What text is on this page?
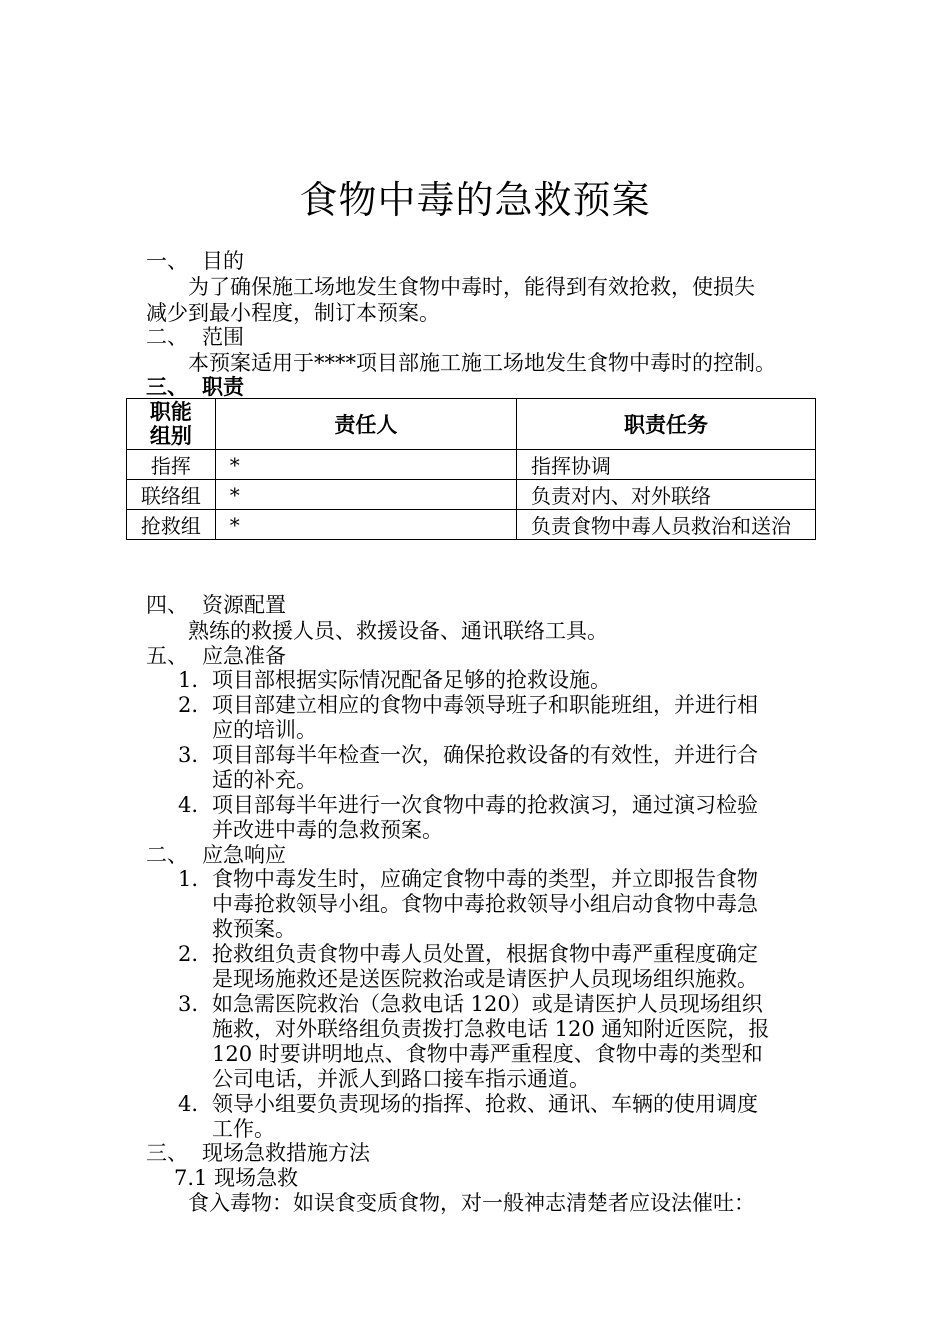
食物中毒的急救预案
一、 目的
为了确保施工场地发生食物中毒时，能得到有效抢救，使损失
减少到最小程度，制订本预案。
二、 范围
本预案适用于****项目部施工施工场地发生食物中毒时的控制。
三、 职责
职能
组别	责任人	职责任务
指挥	*	指挥协调
联络组	*	负责对内、对外联络
抢救组	*	负责食物中毒人员救治和送治
四、 资源配置
熟练的救援人员、救援设备、通讯联络工具。
五、 应急准备
1. 项目部根据实际情况配备足够的抢救设施。
2. 项目部建立相应的食物中毒领导班子和职能班组，并进行相
应的培训。
3. 项目部每半年检查一次，确保抢救设备的有效性，并进行合
适的补充。
4. 项目部每半年进行一次食物中毒的抢救演习，通过演习检验
并改进中毒的急救预案。
二、 应急响应
1. 食物中毒发生时，应确定食物中毒的类型，并立即报告食物
中毒抢救领导小组。食物中毒抢救领导小组启动食物中毒急
救预案。
2. 抢救组负责食物中毒人员处置，根据食物中毒严重程度确定
是现场施救还是送医院救治或是请医护人员现场组织施救。
3. 如急需医院救治（急救电话 120）或是请医护人员现场组织
施救，对外联络组负责拨打急救电话 120 通知附近医院，报
120 时要讲明地点、食物中毒严重程度、食物中毒的类型和
公司电话，并派人到路口接车指示通道。
4. 领导小组要负责现场的指挥、抢救、通讯、车辆的使用调度
工作。
三、 现场急救措施方法
7.1 现场急救
食入毒物：如误食变质食物，对一般神志清楚者应设法催吐：
